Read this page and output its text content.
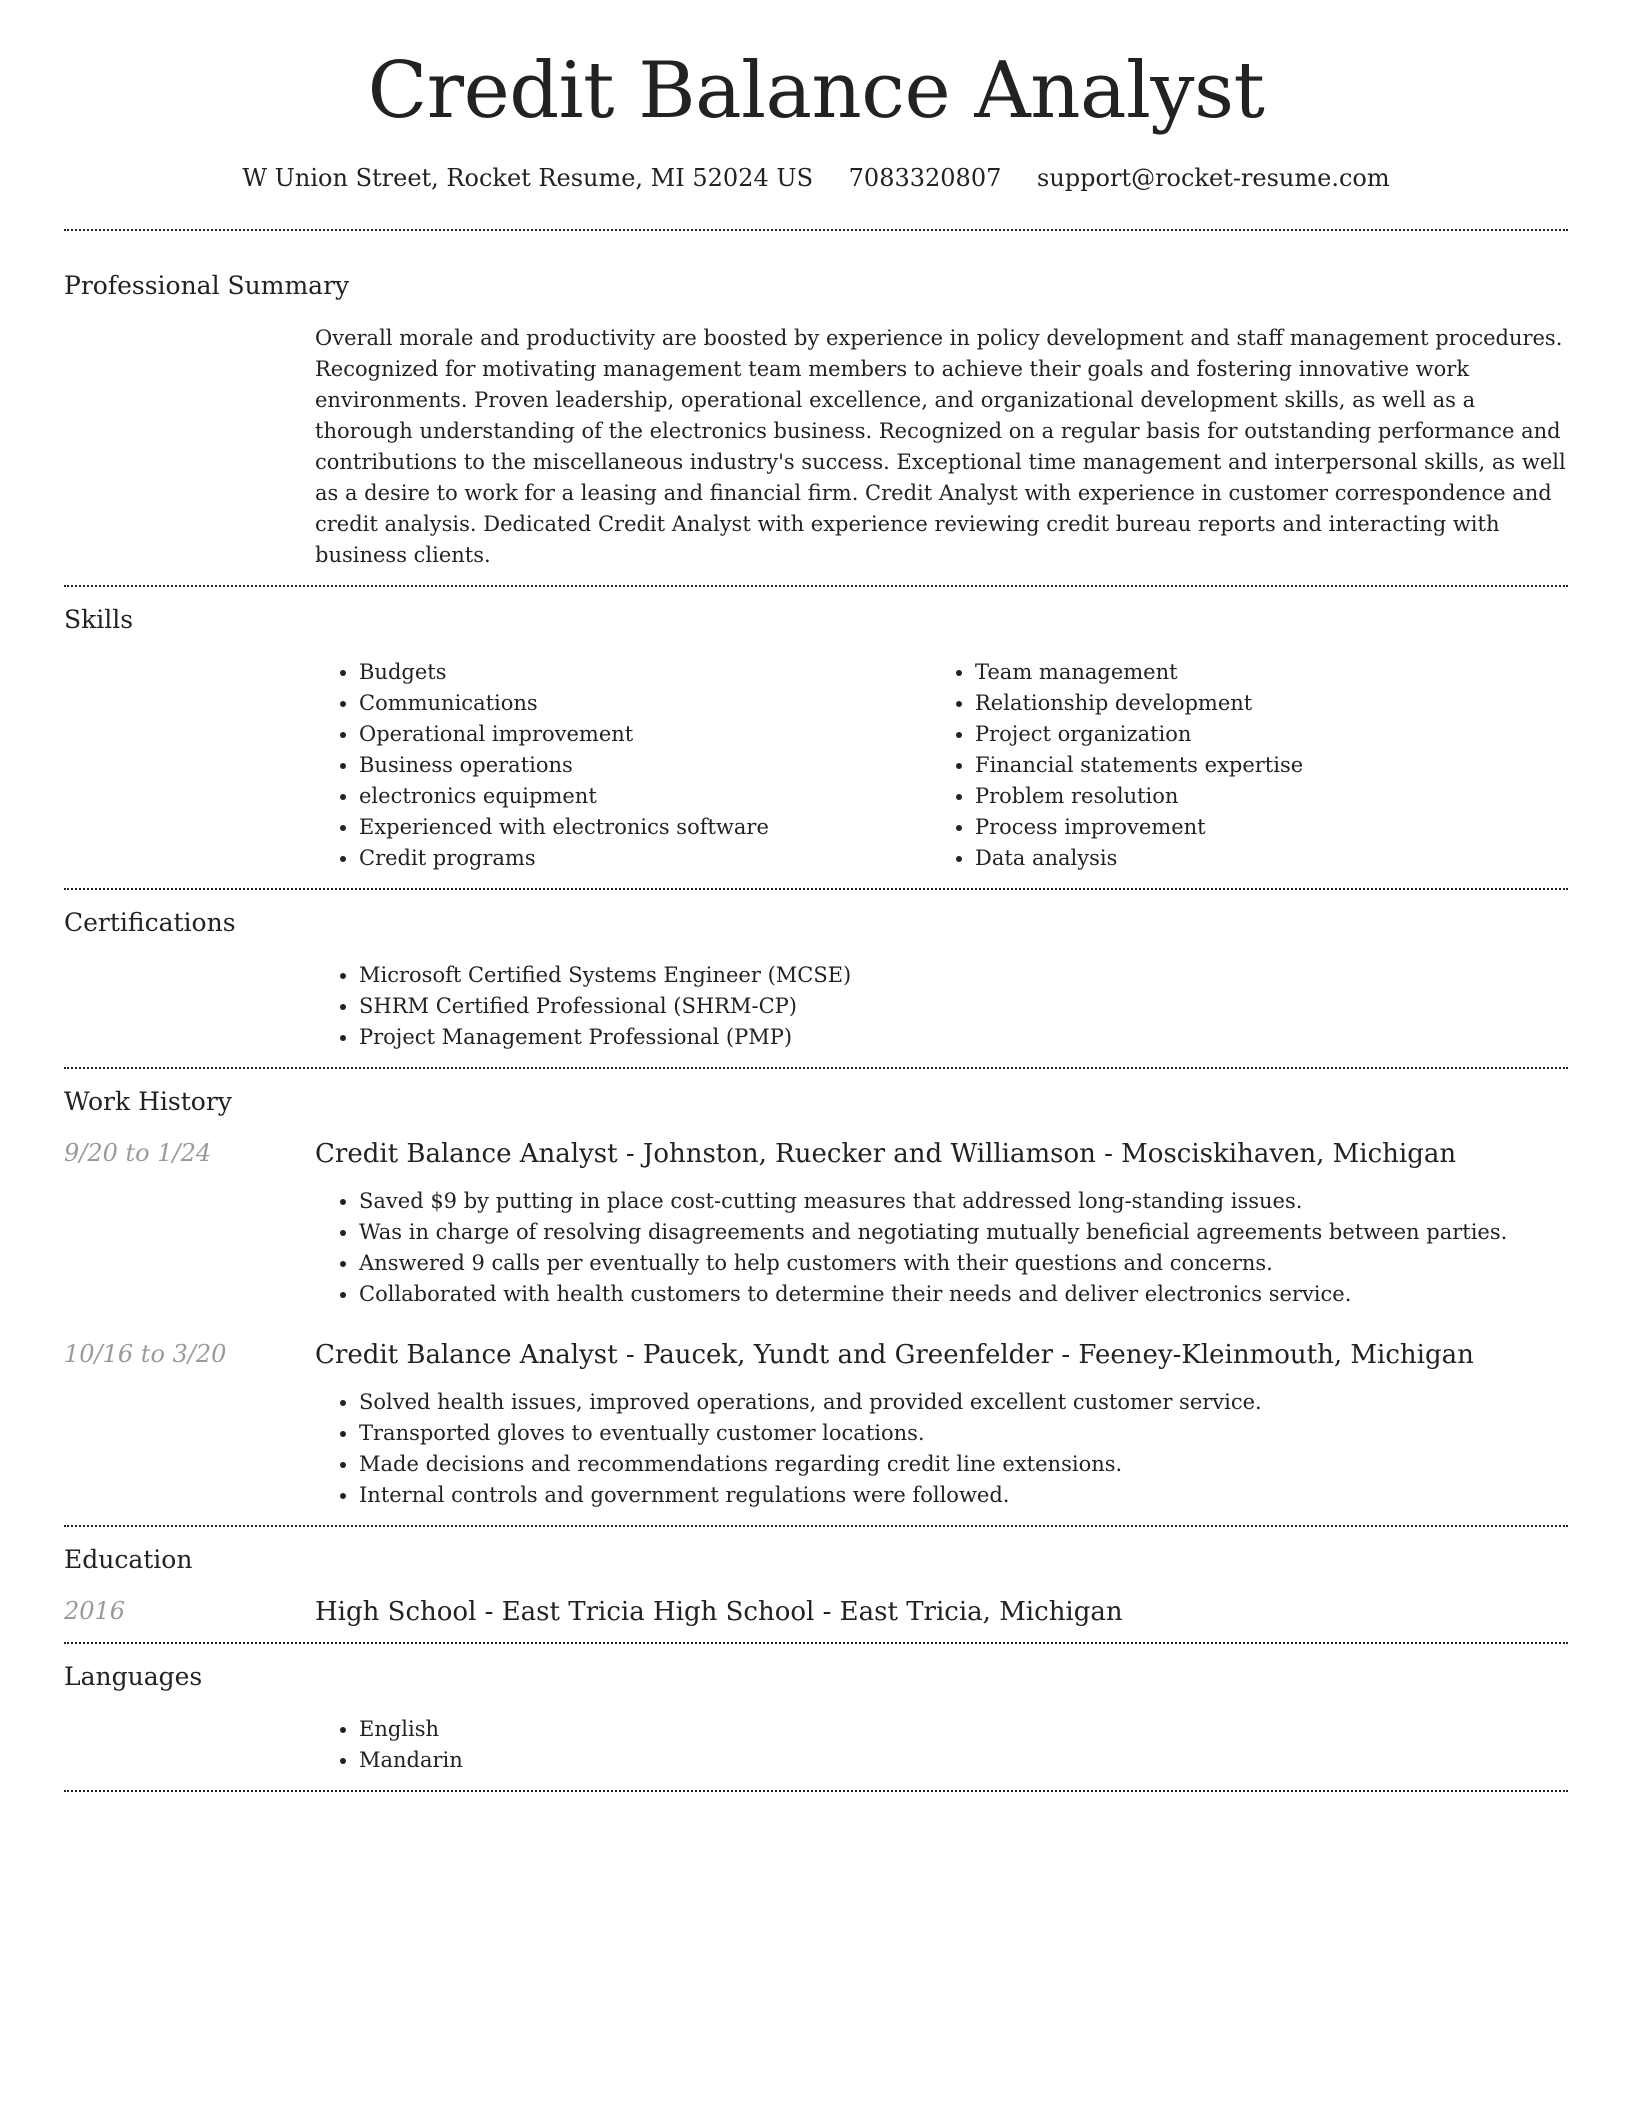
Credit Balance Analyst
W Union Street, Rocket Resume, MI 52024 US 7083320807 support@rocket-resume.com
Professional Summary

Overall morale and productivity are boosted by experience in policy development and staff management procedures. Recognized for motivating management team members to achieve their goals and fostering innovative work environments. Proven leadership, operational excellence, and organizational development skills, as well as a thorough understanding of the electronics business. Recognized on a regular basis for outstanding performance and contributions to the miscellaneous industry's success. Exceptional time management and interpersonal skills, as well as a desire to work for a leasing and financial firm. Credit Analyst with experience in customer correspondence and credit analysis. Dedicated Credit Analyst with experience reviewing credit bureau reports and interacting with business clients.

Skills
• Budgets
• Communications
• Operational improvement
• Business operations
• electronics equipment
• Experienced with electronics software
• Credit programs
• Team management
• Relationship development
• Project organization
• Financial statements expertise
• Problem resolution
• Process improvement
• Data analysis
Certifications
• Microsoft Certified Systems Engineer (MCSE)
• SHRM Certified Professional (SHRM-CP)
• Project Management Professional (PMP)
Work History
9/20 to 1/24	Credit Balance Analyst - Johnston, Ruecker and Williamson - Mosciskihaven, Michigan
• Saved $9 by putting in place cost-cutting measures that addressed long-standing issues.
• Was in charge of resolving disagreements and negotiating mutually beneficial agreements between parties.
• Answered 9 calls per eventually to help customers with their questions and concerns.
• Collaborated with health customers to determine their needs and deliver electronics service.
10/16 to 3/20	Credit Balance Analyst - Paucek, Yundt and Greenfelder - Feeney-Kleinmouth, Michigan
• Solved health issues, improved operations, and provided excellent customer service.
• Transported gloves to eventually customer locations.
• Made decisions and recommendations regarding credit line extensions.
• Internal controls and government regulations were followed.
Education
2016	High School - East Tricia High School - East Tricia, Michigan
Languages
• English
• Mandarin
